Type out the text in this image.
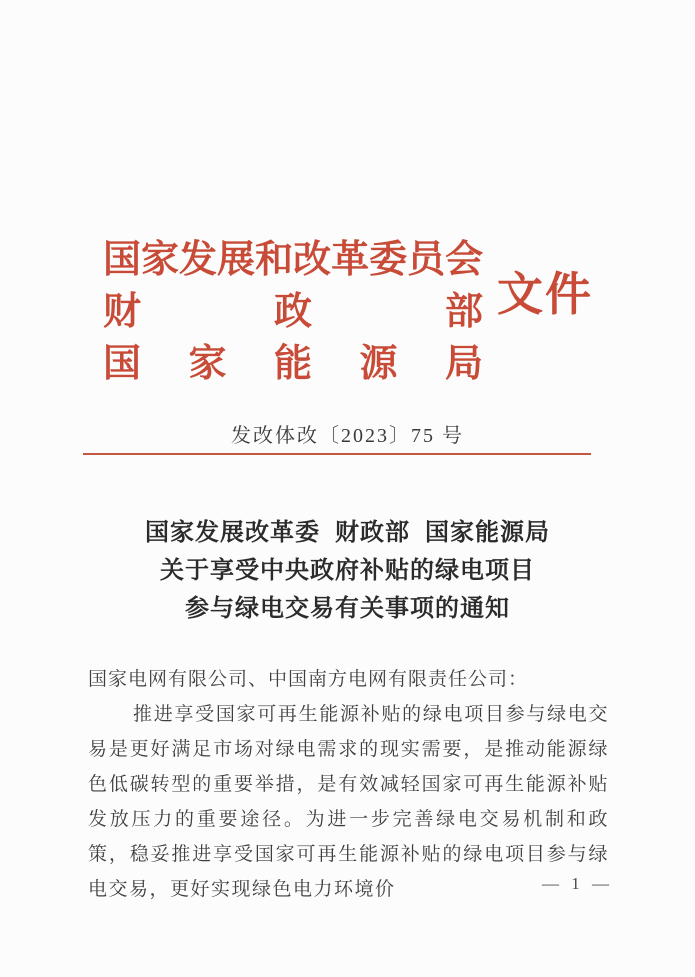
国 家 发 展 和 改 革 委 员 会
财	政	部
国 家 能 源 局
文件
发改体改〔2023〕75 号
国家发展改革委 财政部 国家能源局
关于享受中央政府补贴的绿电项目
参与绿电交易有关事项的通知

国家电网有限公司、中国南方电网有限责任公司：

推进享受国家可再生能源补贴的绿电项目参与绿电交易是更好满足市场对绿电需求的现实需要，是推动能源绿色低碳转型的重要举措，是有效减轻国家可再生能源补贴发放压力的重要途径。为进一步完善绿电交易机制和政策，稳妥推进享受国家可再生能源补贴的绿电项目参与绿电交易，更好实现绿色电力环境价	— 1 —
